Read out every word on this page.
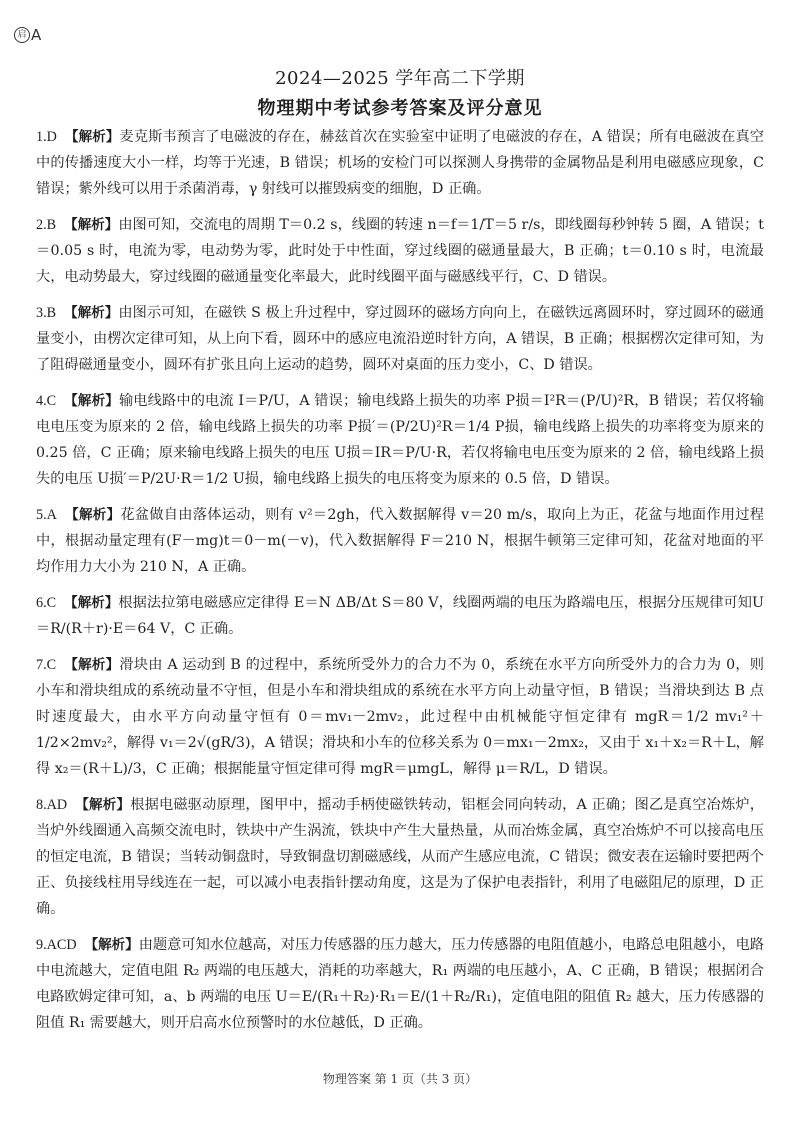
启 A
2024—2025 学年高二下学期
物理期中考试参考答案及评分意见
1.D 【解析】麦克斯韦预言了电磁波的存在，赫兹首次在实验室中证明了电磁波的存在，A 错误；所有电磁波在真空中的传播速度大小一样，均等于光速，B 错误；机场的安检门可以探测人身携带的金属物品是利用电磁感应现象，C 错误；紫外线可以用于杀菌消毒，γ 射线可以摧毁病变的细胞，D 正确。
2.B 【解析】由图可知，交流电的周期 T＝0.2 s，线圈的转速 n＝f＝1/T＝5 r/s，即线圈每秒钟转 5 圈，A 错误；t＝0.05 s 时，电流为零，电动势为零，此时处于中性面，穿过线圈的磁通量最大，B 正确；t＝0.10 s 时，电流最大，电动势最大，穿过线圈的磁通量变化率最大，此时线圈平面与磁感线平行，C、D 错误。
3.B 【解析】由图示可知，在磁铁 S 极上升过程中，穿过圆环的磁场方向向上，在磁铁远离圆环时，穿过圆环的磁通量变小，由楞次定律可知，从上向下看，圆环中的感应电流沿逆时针方向，A 错误，B 正确；根据楞次定律可知，为了阻碍磁通量变小，圆环有扩张且向上运动的趋势，圆环对桌面的压力变小，C、D 错误。
4.C 【解析】输电线路中的电流 I＝P/U，A 错误；输电线路上损失的功率 P损＝I²R＝(P/U)²R，B 错误；若仅将输电电压变为原来的 2 倍，输电线路上损失的功率 P损′＝(P/2U)²R＝1/4 P损，输电线路上损失的功率将变为原来的 0.25 倍，C 正确；原来输电线路上损失的电压 U损＝IR＝P/U·R，若仅将输电电压变为原来的 2 倍，输电线路上损失的电压 U损′＝P/2U·R＝1/2 U损，输电线路上损失的电压将变为原来的 0.5 倍，D 错误。
5.A 【解析】花盆做自由落体运动，则有 v²＝2gh，代入数据解得 v＝20 m/s，取向上为正，花盆与地面作用过程中，根据动量定理有(F－mg)t＝0－m(－v)，代入数据解得 F＝210 N，根据牛顿第三定律可知，花盆对地面的平均作用力大小为 210 N，A 正确。
6.C 【解析】根据法拉第电磁感应定律得 E＝N ΔB/Δt S＝80 V，线圈两端的电压为路端电压，根据分压规律可知U＝R/(R＋r)·E＝64 V，C 正确。
7.C 【解析】滑块由 A 运动到 B 的过程中，系统所受外力的合力不为 0，系统在水平方向所受外力的合力为 0，则小车和滑块组成的系统动量不守恒，但是小车和滑块组成的系统在水平方向上动量守恒，B 错误；当滑块到达 B 点时速度最大，由水平方向动量守恒有 0＝mv₁－2mv₂，此过程中由机械能守恒定律有 mgR＝1/2 mv₁²＋1/2×2mv₂²，解得 v₁＝2√(gR/3)，A 错误；滑块和小车的位移关系为 0＝mx₁－2mx₂，又由于 x₁＋x₂＝R＋L，解得 x₂＝(R＋L)/3，C 正确；根据能量守恒定律可得 mgR＝μmgL，解得 μ＝R/L，D 错误。
8.AD 【解析】根据电磁驱动原理，图甲中，摇动手柄使磁铁转动，铝框会同向转动，A 正确；图乙是真空冶炼炉，当炉外线圈通入高频交流电时，铁块中产生涡流，铁块中产生大量热量，从而冶炼金属，真空冶炼炉不可以接高电压的恒定电流，B 错误；当转动铜盘时，导致铜盘切割磁感线，从而产生感应电流，C 错误；微安表在运输时要把两个正、负接线柱用导线连在一起，可以减小电表指针摆动角度，这是为了保护电表指针，利用了电磁阻尼的原理，D 正确。
9.ACD 【解析】由题意可知水位越高，对压力传感器的压力越大，压力传感器的电阻值越小，电路总电阻越小，电路中电流越大，定值电阻 R₂ 两端的电压越大，消耗的功率越大，R₁ 两端的电压越小，A、C 正确，B 错误；根据闭合电路欧姆定律可知，a、b 两端的电压 U＝E/(R₁＋R₂)·R₁＝E/(1＋R₂/R₁)，定值电阻的阻值 R₂ 越大，压力传感器的阻值 R₁ 需要越大，则开启高水位预警时的水位越低，D 正确。
物理答案 第 1 页（共 3 页）
